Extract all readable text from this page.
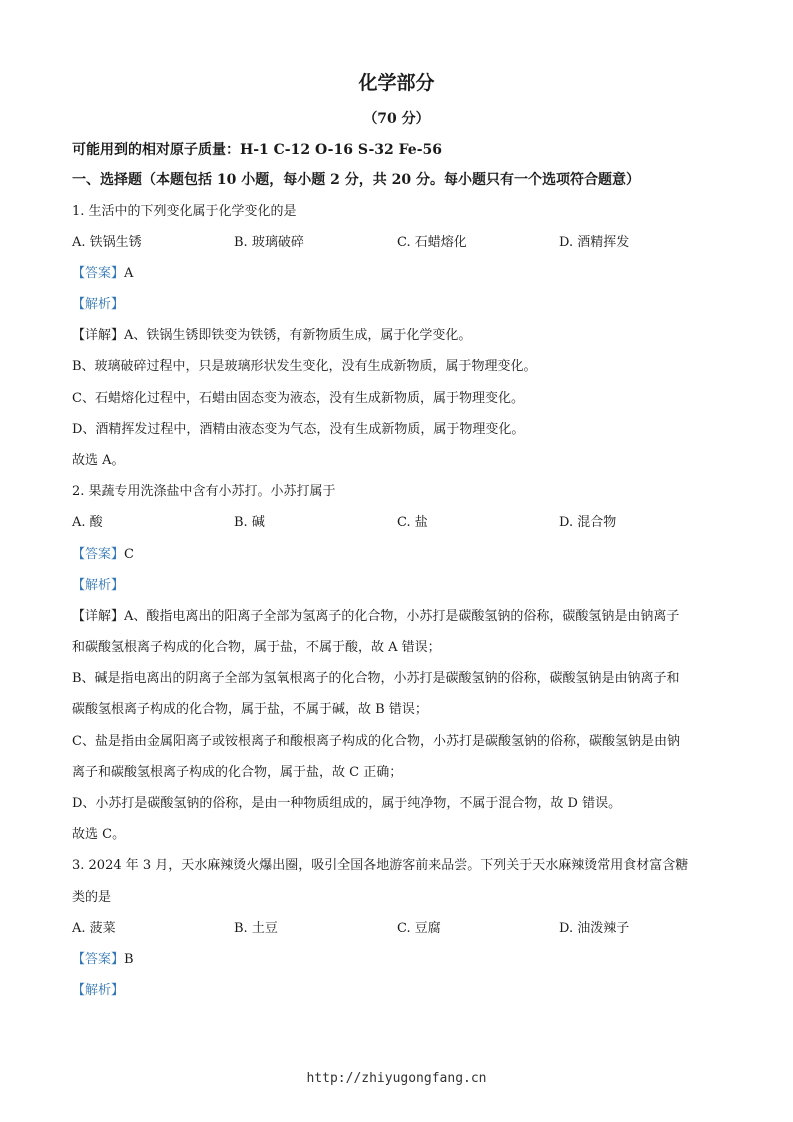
化学部分
（70 分）
可能用到的相对原子质量：H-1 C-12 O-16 S-32 Fe-56
一、选择题（本题包括 10 小题，每小题 2 分，共 20 分。每小题只有一个选项符合题意）
1. 生活中的下列变化属于化学变化的是
A. 铁锅生锈	B. 玻璃破碎	C. 石蜡熔化	D. 酒精挥发
【答案】A
【解析】
【详解】A、铁锅生锈即铁变为铁锈，有新物质生成，属于化学变化。
B、玻璃破碎过程中，只是玻璃形状发生变化，没有生成新物质，属于物理变化。
C、石蜡熔化过程中，石蜡由固态变为液态，没有生成新物质，属于物理变化。
D、酒精挥发过程中，酒精由液态变为气态，没有生成新物质，属于物理变化。
故选 A。
2. 果蔬专用洗涤盐中含有小苏打。小苏打属于
A. 酸	B. 碱	C. 盐	D. 混合物
【答案】C
【解析】
【详解】A、酸指电离出的阳离子全部为氢离子的化合物，小苏打是碳酸氢钠的俗称，碳酸氢钠是由钠离子
和碳酸氢根离子构成的化合物，属于盐，不属于酸，故 A 错误；
B、碱是指电离出的阴离子全部为氢氧根离子的化合物，小苏打是碳酸氢钠的俗称，碳酸氢钠是由钠离子和
碳酸氢根离子构成的化合物，属于盐，不属于碱，故 B 错误；
C、盐是指由金属阳离子或铵根离子和酸根离子构成的化合物，小苏打是碳酸氢钠的俗称，碳酸氢钠是由钠
离子和碳酸氢根离子构成的化合物，属于盐，故 C 正确；
D、小苏打是碳酸氢钠的俗称，是由一种物质组成的，属于纯净物，不属于混合物，故 D 错误。
故选 C。
3. 2024 年 3 月，天水麻辣烫火爆出圈，吸引全国各地游客前来品尝。下列关于天水麻辣烫常用食材富含糖
类的是
A. 菠菜	B. 土豆	C. 豆腐	D. 油泼辣子
【答案】B
【解析】
http://zhiyugongfang.cn
